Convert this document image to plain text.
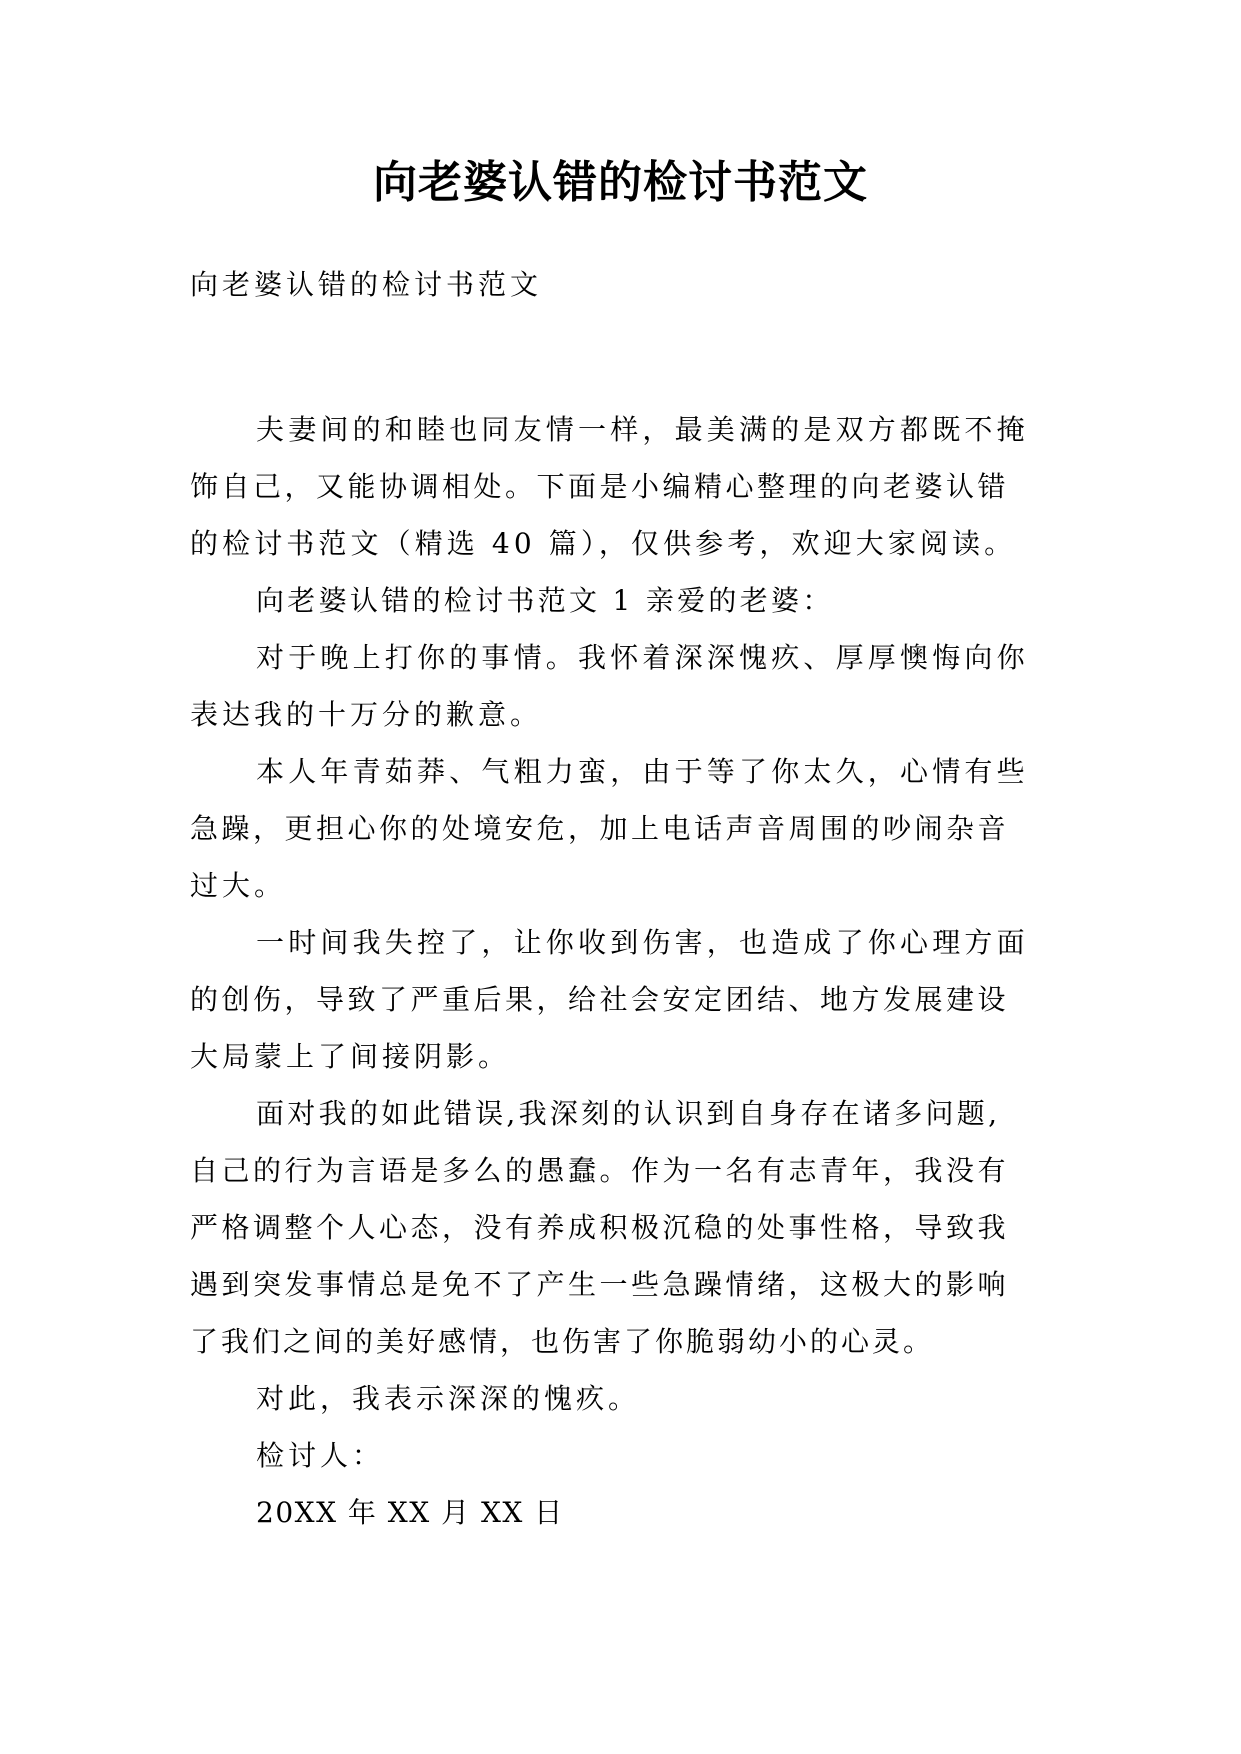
向老婆认错的检讨书范文
向老婆认错的检讨书范文
夫妻间的和睦也同友情一样，最美满的是双方都既不掩
饰自己，又能协调相处。下面是小编精心整理的向老婆认错
的检讨书范文（精选 40 篇），仅供参考，欢迎大家阅读。
向老婆认错的检讨书范文 1 亲爱的老婆：
对于晚上打你的事情。我怀着深深愧疚、厚厚懊悔向你
表达我的十万分的歉意。
本人年青茹莽、气粗力蛮，由于等了你太久，心情有些
急躁，更担心你的处境安危，加上电话声音周围的吵闹杂音
过大。
一时间我失控了，让你收到伤害，也造成了你心理方面
的创伤，导致了严重后果，给社会安定团结、地方发展建设
大局蒙上了间接阴影。
面对我的如此错误,我深刻的认识到自身存在诸多问题,
自己的行为言语是多么的愚蠢。作为一名有志青年，我没有
严格调整个人心态，没有养成积极沉稳的处事性格，导致我
遇到突发事情总是免不了产生一些急躁情绪，这极大的影响
了我们之间的美好感情，也伤害了你脆弱幼小的心灵。
对此，我表示深深的愧疚。
检讨人：
20XX 年 XX 月 XX 日
